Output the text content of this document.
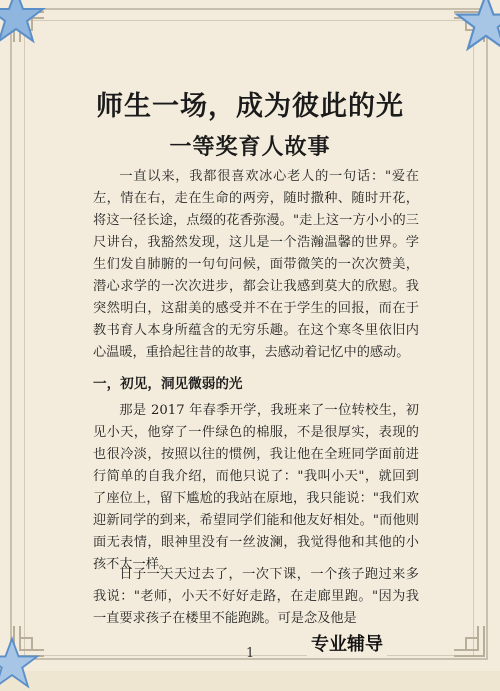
师生一场，成为彼此的光
一等奖育人故事

一直以来，我都很喜欢冰心老人的一句话："爱在左，情在右，走在生命的两旁，随时撒种、随时开花，将这一径长途，点缀的花香弥漫。"走上这一方小小的三尺讲台，我豁然发现，这儿是一个浩瀚温馨的世界。学生们发自肺腑的一句句问候，面带微笑的一次次赞美，潜心求学的一次次进步，都会让我感到莫大的欣慰。我突然明白，这甜美的感受并不在于学生的回报，而在于教书育人本身所蕴含的无穷乐趣。在这个寒冬里依旧内心温暖，重拾起往昔的故事，去感动着记忆中的感动。

一，初见，洞见微弱的光

那是 2017 年春季开学，我班来了一位转校生，初见小天，他穿了一件绿色的棉服，不是很厚实，表现的也很冷淡，按照以往的惯例，我让他在全班同学面前进行简单的自我介绍，而他只说了："我叫小天"，就回到了座位上，留下尴尬的我站在原地，我只能说："我们欢迎新同学的到来，希望同学们能和他友好相处。"而他则面无表情，眼神里没有一丝波澜，我觉得他和其他的小孩不太一样。

日子一天天过去了，一次下课，一个孩子跑过来多我说："老师，小天不好好走路，在走廊里跑。"因为我一直要求孩子在楼里不能跑跳。可是念及他是

1	专业辅导
